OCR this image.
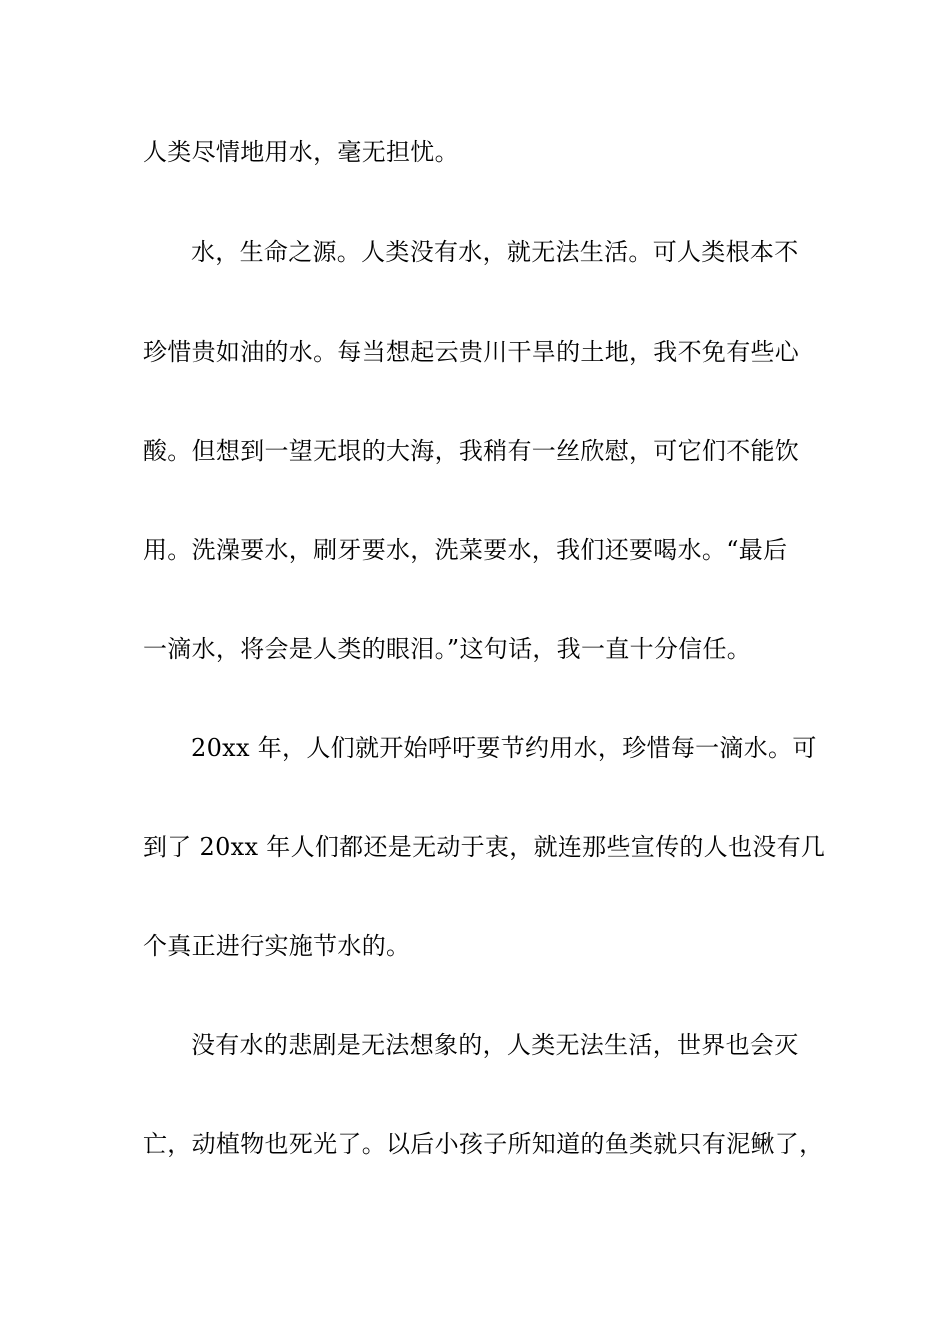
人类尽情地用水，毫无担忧。
水，生命之源。人类没有水，就无法生活。可人类根本不
珍惜贵如油的水。每当想起云贵川干旱的土地，我不免有些心
酸。但想到一望无垠的大海，我稍有一丝欣慰，可它们不能饮
用。洗澡要水，刷牙要水，洗菜要水，我们还要喝水。“最后
一滴水，将会是人类的眼泪。”这句话，我一直十分信任。
20xx 年，人们就开始呼吁要节约用水，珍惜每一滴水。可
到了 20xx 年人们都还是无动于衷，就连那些宣传的人也没有几
个真正进行实施节水的。
没有水的悲剧是无法想象的，人类无法生活，世界也会灭
亡，动植物也死光了。以后小孩子所知道的鱼类就只有泥鳅了，
